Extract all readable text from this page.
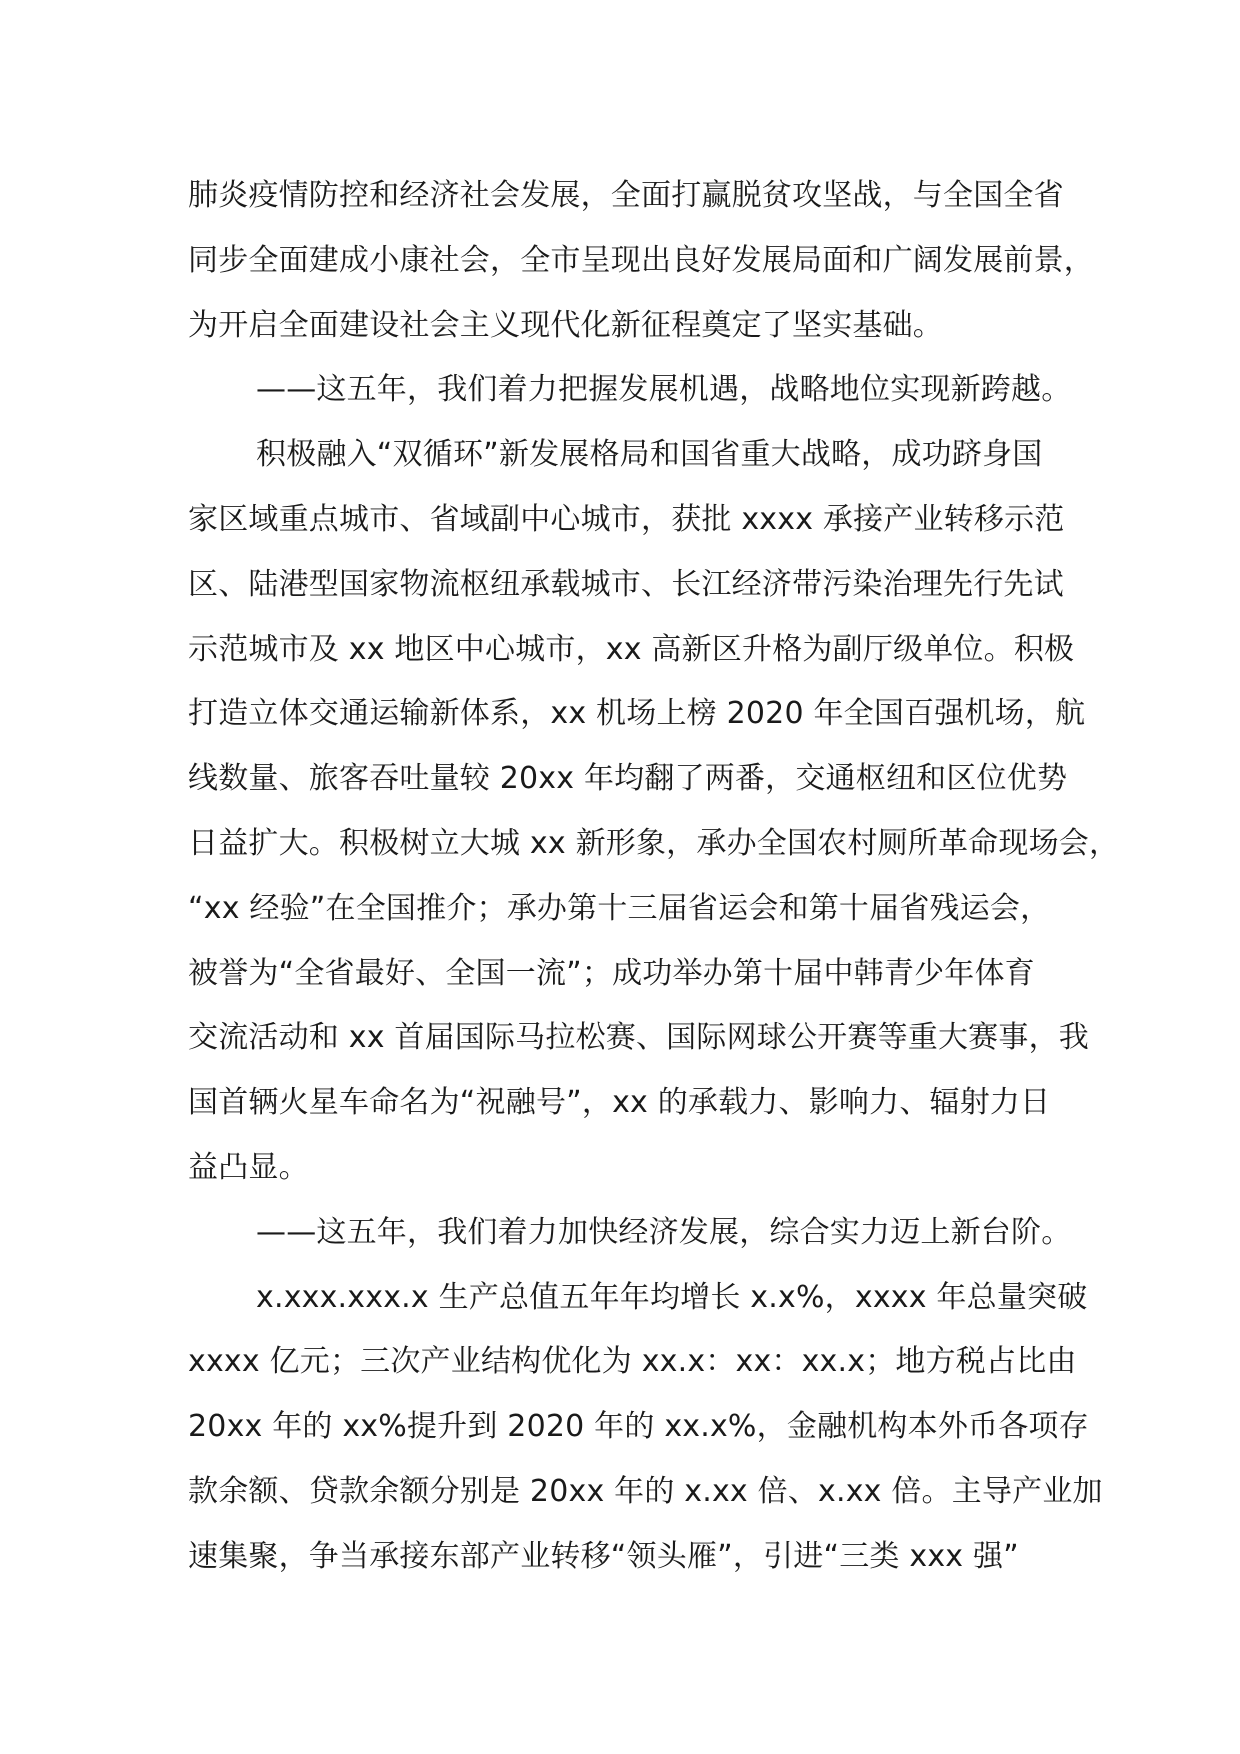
肺炎疫情防控和经济社会发展，全面打赢脱贫攻坚战，与全国全省
同步全面建成小康社会，全市呈现出良好发展局面和广阔发展前景，
为开启全面建设社会主义现代化新征程奠定了坚实基础。
——这五年，我们着力把握发展机遇，战略地位实现新跨越。
积极融入“双循环”新发展格局和国省重大战略，成功跻身国
家区域重点城市、省域副中心城市，获批 xxxx 承接产业转移示范
区、陆港型国家物流枢纽承载城市、长江经济带污染治理先行先试
示范城市及 xx 地区中心城市，xx 高新区升格为副厅级单位。积极
打造立体交通运输新体系，xx 机场上榜 2020 年全国百强机场，航
线数量、旅客吞吐量较 20xx 年均翻了两番，交通枢纽和区位优势
日益扩大。积极树立大城 xx 新形象，承办全国农村厕所革命现场会，
“xx 经验”在全国推介；承办第十三届省运会和第十届省残运会，
被誉为“全省最好、全国一流”；成功举办第十届中韩青少年体育
交流活动和 xx 首届国际马拉松赛、国际网球公开赛等重大赛事，我
国首辆火星车命名为“祝融号”，xx 的承载力、影响力、辐射力日
益凸显。
——这五年，我们着力加快经济发展，综合实力迈上新台阶。
x.xxx.xxx.x 生产总值五年年均增长 x.x%，xxxx 年总量突破
xxxx 亿元；三次产业结构优化为 xx.x：xx：xx.x；地方税占比由
20xx 年的 xx%提升到 2020 年的 xx.x%，金融机构本外币各项存
款余额、贷款余额分别是 20xx 年的 x.xx 倍、x.xx 倍。主导产业加
速集聚，争当承接东部产业转移“领头雁”，引进“三类 xxx 强”
